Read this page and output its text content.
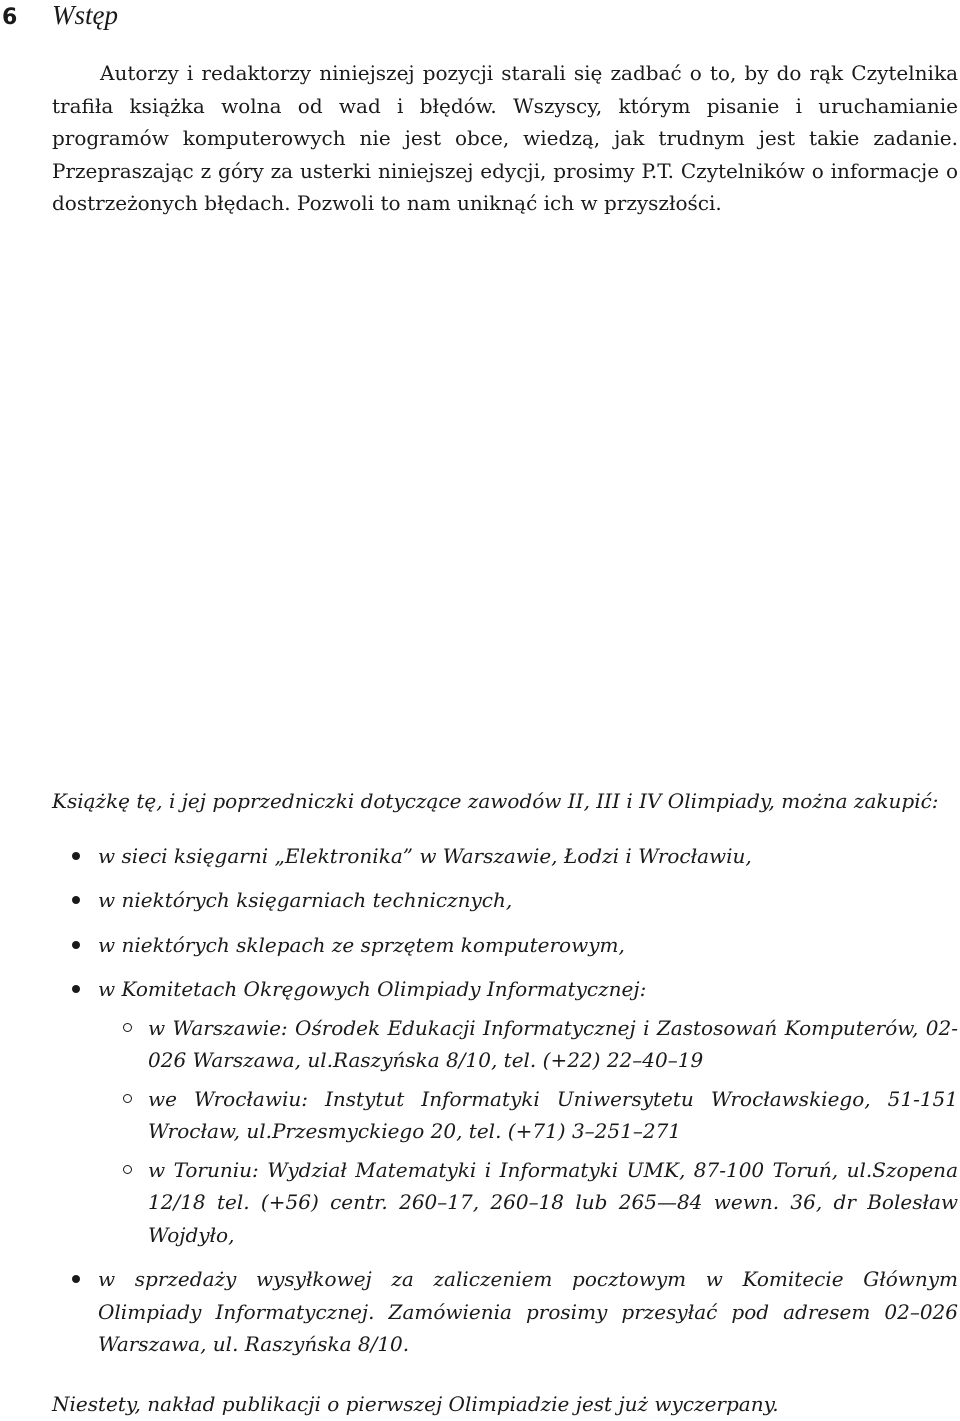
6	Wstęp

Autorzy i redaktorzy niniejszej pozycji starali się zadbać o to, by do rąk Czytelnika trafiła książka wolna od wad i błędów. Wszyscy, którym pisanie i uruchamianie programów komputerowych nie jest obce, wiedzą, jak trudnym jest takie zadanie. Przepraszając z góry za usterki niniejszej edycji, prosimy P.T. Czytelników o informacje o dostrzeżonych błędach. Pozwoli to nam uniknąć ich w przyszłości.

Książkę tę, i jej poprzedniczki dotyczące zawodów II, III i IV Olimpiady, można zakupić:

w sieci księgarni „Elektronika” w Warszawie, Łodzi i Wrocławiu,
w niektórych księgarniach technicznych,
w niektórych sklepach ze sprzętem komputerowym,
w Komitetach Okręgowych Olimpiady Informatycznej:
w Warszawie: Ośrodek Edukacji Informatycznej i Zastosowań Komputerów, 02-026 Warszawa, ul.Raszyńska 8/10, tel. (+22) 22–40–19
we Wrocławiu: Instytut Informatyki Uniwersytetu Wrocławskiego, 51-151 Wrocław, ul.Przesmyckiego 20, tel. (+71) 3–251–271
w Toruniu: Wydział Matematyki i Informatyki UMK, 87-100 Toruń, ul.Szopena 12/18 tel. (+56) centr. 260–17, 260–18 lub 265—84 wewn. 36, dr Bolesław Wojdyło,
w sprzedaży wysyłkowej za zaliczeniem pocztowym w Komitecie Głównym Olimpiady Informatycznej. Zamówienia prosimy przesyłać pod adresem 02–026 Warszawa, ul. Raszyńska 8/10.

Niestety, nakład publikacji o pierwszej Olimpiadzie jest już wyczerpany.
